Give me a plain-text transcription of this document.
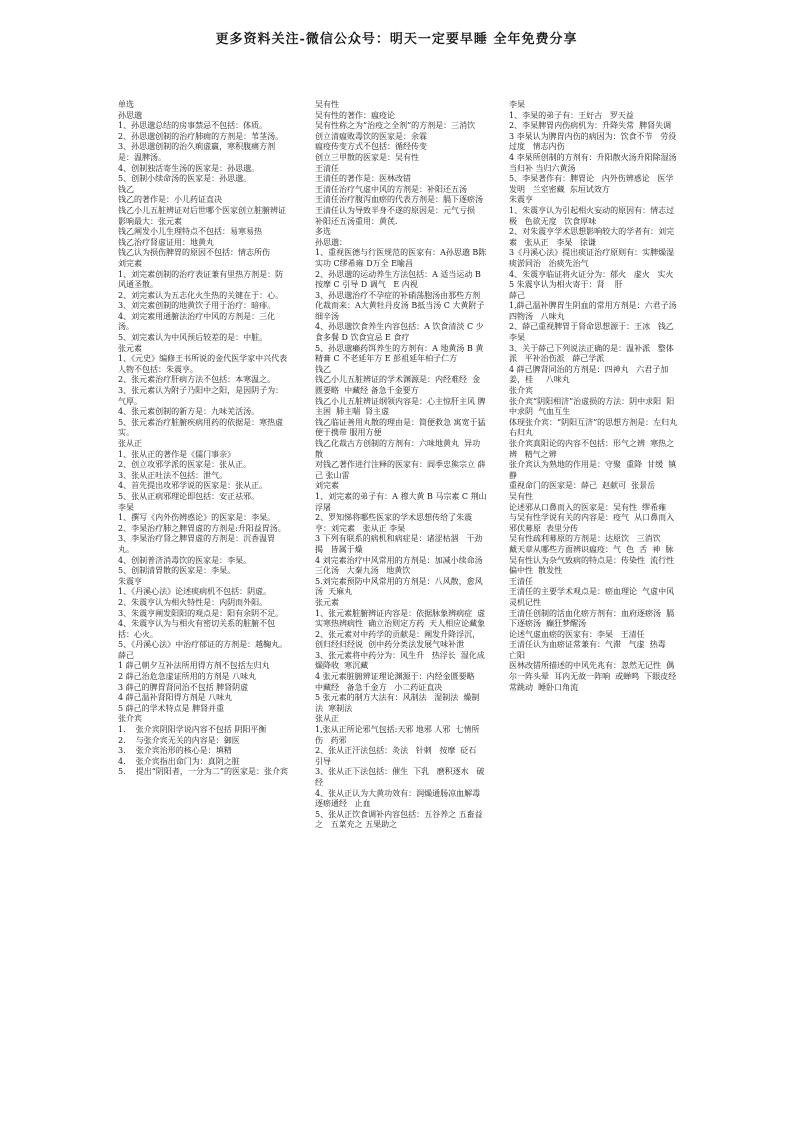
更多资料关注-微信公众号：明天一定要早睡 全年免费分享
单选
孙思邈
1、孙思邈总结的房事禁忌不包括：体质。
2、孙思邈创制的治疗肺痈的方剂是：苇茎汤。
3、孙思邈创制的治久痢虚羸，寒积腹痛方剂是：温脾汤。
4、创制独活寄生汤的医家是：孙思邈。
5、创制小续命汤的医家是：孙思邈。
钱乙
钱乙的著作是：小儿药证直决
钱乙小儿五脏辨证对后世哪个医家创立脏腑辨证影响最大：张元素
钱乙阐发小儿生理特点不包括：易寒易热
钱乙治疗肾虚证用：地黄丸
钱乙认为损伤脾胃的原因不包括：情志所伤
刘完素
1、刘完素创制的治疗表证兼有里热方剂是：防风通圣散。
2、刘完素认为五志化火生热的关键在于：心。
3、刘完素创制的地黄饮子用于治疗：暗痱。
4、刘完素用通腑法治疗中风的方剂是：三化汤。
5、刘完素认为中风预后较差的是：中脏。
张元素
1、《元史》编修王书所说的金代医学家中兴代表人物不包括：朱震亨。
2、张元素治疗肝病方法不包括：本寒温之。
3、张元素认为附子乃阳中之阳，是因阴子为：气厚。
4、张元素创制的新方是：九味羌活汤。
5、张元素治疗脏腑疾病用药的依据是：寒热虚实。
张从正
1、张从正的著作是《儒门事亲》
2、创立攻邪学派的医家是：张从正。
3、张从正吐法不包括：泄气。
4、首先提出攻邪学说的医家是：张从正。
5、张从正病邪理论即包括：安正祛邪。
李杲
1、撰写《内外伤辨惑论》的医家是：李杲。
2、李杲治疗肺之脾胃虚的方剂是:升阳益胃汤。
3、李杲治疗肾之脾胃虚的方剂是：沉香温胃丸。
4、创制普济消毒饮的医家是：李杲。
5、创制清胃散的医家是：李杲。
朱震亨
1、《丹溪心法》论述痰病机不包括：阴虚。
2、朱震亨认为相火特性是：内阴而外阳。
3、朱震亨阐发阳阳的观点是：阳有余阴不足。
4、朱震亨认为与相火有密切关系的脏腑不包括：心火。
5、《丹溪心法》中治疗郁证的方剂是：越鞠丸。
薛己
1 薛己朝夕互补法所用得方剂不包括左归丸
2 薛己治危急虚证所用的方剂是 八味丸
3 薛己的脾胃肾同治不包括 脾肾阴虚
4 薛己温补肾阳得方剂是 八味丸
5 薛己的学术特点是 脾肾并重
张介宾
1.    张介宾阴阳学说内容不包括 阴阳平衡
2.    与张介宾无关的内容是：御医
3.    张介宾治形的核心是：填精
4.    张介宾指出命门为：真阴之脏
5.    提出“阴阳者，一分为二”的医家是：张介宾
吴有性
吴有性的著作：瘟疫论
吴有性称之为“治疫之全剂”的方剂是：三消饮
创立清瘟败毒饮的医家是：余霖
瘟疫传变方式不包括：循经传变
创立三甲散的医家是：吴有性
王清任
王清任的著作是：医林改错
王清任治疗气虚中风的方剂是：补阳还五汤
王清任治疗腹泻血瘀的代表方剂是：膈下逐瘀汤
王清任认为导致半身不遂的原因是：元气亏损
补阳还五汤重用：黄芪.
多选
孙思邈：
1、重视医德与行医规范的医家有：A孙思邈 B陈实功 C缪希雍 D万全 E喻昌
2、孙思邈的运动养生方法包括：A 适当运动 B 按摩 C 引导 D 调气   E 内视
3、孙思邈治疗不孕症的补硝荡胞汤由那些方剂化裁而来：A大黄牡丹皮汤 B抵当汤 C 大黄附子细辛汤
4、孙思邈饮食养生内容包括：A 饮食清淡 C 少食多餐 D 饮食宜忌 E 食疗
5、孙思邈癞药饵养生的方剂有：A 地黄汤 B 黄精膏 C 不老延年方 E 彭祖延年柏子仁方
钱乙
钱乙小儿五脏辨证的学术渊源是：内经难经  金匮要略  中藏经 备急千金要方
钱乙小儿五脏辨证纲领内容是：心主惊肝主风 脾主困  肺主喘  肾主虚
钱乙临证善用丸散的理由是：简便救急 寓宽于猛 便于携带 服用方便
钱乙化裁古方创制的方剂有：六味地黄丸  异功散
对钱乙著作进行注释的医家有：阎季忠熊宗立 薛己 张山雷
刘完素
1、刘完素的弟子有：A 穆大黄 B 马宗素 C 荆山浮屠
2、罗知悌将哪些医家的学术思想传给了朱震亨：刘完素   张从正 李杲
3 下列有联系的病机和病症是：诸涩枯涸   干劲   揭   皆属于燥
4 刘完素治疗中风常用的方剂是：加减小续命汤   三化汤   大秦九汤   地黄饮
5.刘完素预防中风常用的方剂是：八风散，愈风汤  天麻丸
张元素
1、张元素脏腑辨证内容是：依据脉象辨病症  虚实寒热辨病性  确立治则定方药  天人相应论藏象
2、张元素对中药学的贡献是：阐发升降浮沉，创归经归经说  创中药分类法发展气味补泄
3、张元素将中药分为：风生升   热浮长  湿化成  燥降收  寒沉藏
4 张元素脏腑辨证理论渊源于：内经金匮要略   中藏经   备急千金方   小二药证直决
5 张元素的制方大法有：风制法   湿制法  燥制法  寒制法
张从正
1,张从正所论邪气包括:天邪 地邪 人邪  七情所伤   药邪
2、张从正汗法包括：灸法   针刺   按摩  砭石   引导
3、张从正下法包括：催生  下乳   磨积逐水   破经
4、张从正认为大黄功效有：润燥通肠凉血解毒   逐瘀通经   止血
5、张从正饮食调补内容包括：五谷养之 五畜益之   五菜充之 五果助之
李杲
1、李杲的弟子有：王好古   罗天益
2、李杲脾胃内伤病机为：升降失常  脾肾失调
3 李杲认为脾胃内伤的病因为：饮食不节   劳役过度   情志内伤
4 李杲所创制的方剂有：升阳散火汤升阳除湿汤   当归补 当归六黄汤
5、李杲著作有：脾胃论   内外伤辨惑论   医学发明   兰室密藏  东垣试效方
朱震亨
1、朱震亨认为引起相火妄动的原因有：情志过极   色欲无度   饮食厚味
2、对朱震亨学术思想影响较大的学者有：刘完素   张从正   李杲   徐谦
3《丹溪心法》提出痰证治疗原则有：实脾燥湿   痰淤同治   治痰先治气
4、朱震亨临证将火证分为：郁火   虚火   实火
5 朱震亨认为相火寄于：肾    肝
薛己
1,薛己温补脾胃生阴血的常用方剂是：六君子汤   四物汤   八味丸
2、薛己重视脾胃于肾命思想源于：王冰   钱乙   李杲
3、关于薛己下列说法正确的是：温补派   整体派   平补治伤派   薛己学派
4 薛己脾肾同治的方剂是：四神丸   六君子加姜，桂     八味丸
张介宾
张介宾“阴阳相济”治虚损的方法：阴中求阳  阳中求阴  气血互生
体现张介宾：“阴阳互济”的思想方剂是：左归丸  右归丸
张介宾真阳论的内容不包括：形气之辨  寒热之辨   精气之辨
张介宾认为熟地的作用是：守聚  重降  甘缓  镇静
重视命门的医家是：薛己  赵献可  张景岳
吴有性
论述邪从口鼻而入的医家是：吴有性  缪希雍
与吴有性学说有关的内容是：疫气  从口鼻而入  邪伏募原  表里分传
吴有性疏利募原的方剂是：达原饮   三消饮
戴天章从哪些方面辨识瘟疫：气  色  舌  神  脉
吴有性认为杂气致病的特点是：传染性  流行性  偏中性  散发性
王清任
王清任的主要学术观点是：瘀血理论  气虚中风   灵机记性
王清任创制的活血化瘀方剂有：血府逐瘀汤  膈下逐瘀汤  癫狂梦醒汤
论述气虚血瘀的医家有：李杲   王清任
王清任认为血瘀证常兼有：气滞   气虚  热毒   亡阳
医林改错所描述的中风先兆有：忽然无记性  偶尔一阵头晕  耳内无故一阵响  或蝉鸣  下眼皮经常跳动  睡卧口角流
